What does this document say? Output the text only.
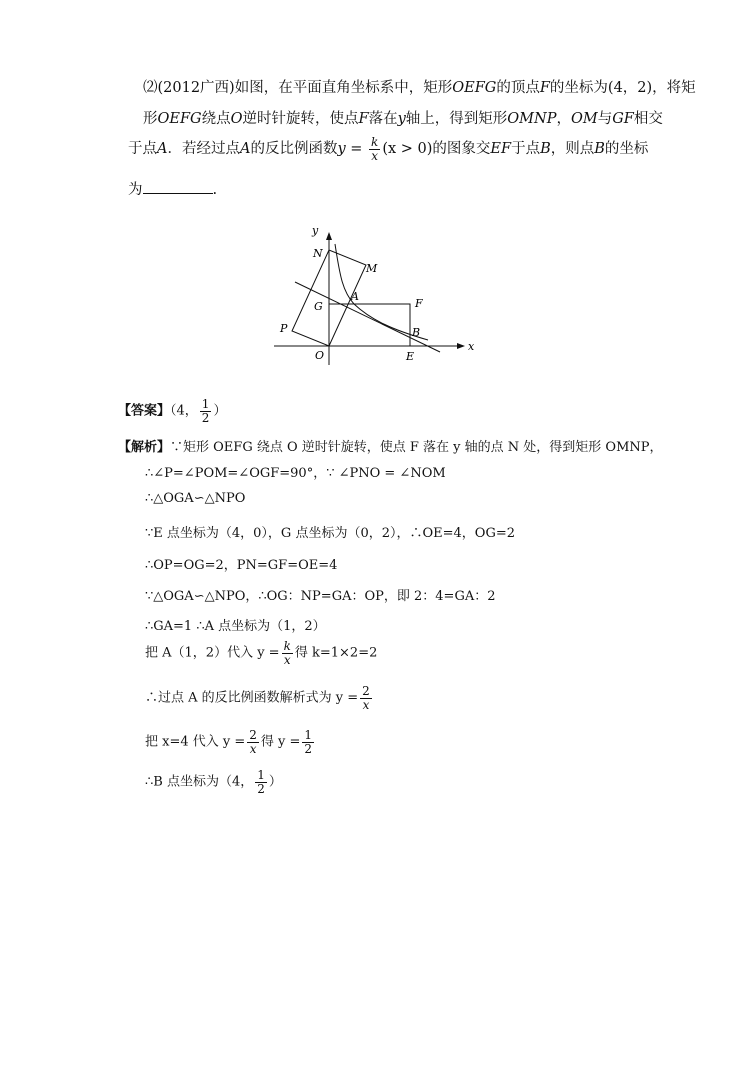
⑵(2012广西)如图，在平面直角坐标系中，矩形OEFG的顶点F的坐标为(4，2)，将矩
形OEFG绕点O逆时针旋转，使点F落在y轴上，得到矩形OMNP，OM与GF相交
于点A．若经过点A的反比例函数$y = \frac{k}{x} (x > 0)$的图象交EF于点B，则点B的坐标
为	.
y
x
N
M
G
A
F
P	B
O	E
【答案】（4， $\frac{1}{2}$ ）
【解析】∵矩形 OEFG 绕点 O 逆时针旋转，使点 F 落在 y 轴的点 N 处，得到矩形 OMNP，
∴∠P=∠POM=∠OGF=90°，∵ ∠PNO = ∠NOM
∴△OGA∽△NPO
∵E 点坐标为（4，0），G 点坐标为（0，2），∴OE=4，OG=2
∴OP=OG=2，PN=GF=OE=4
∵△OGA∽△NPO，∴OG：NP=GA：OP，即 2：4=GA：2
∴GA=1 ∴A 点坐标为（1，2）
把 A（1，2）代入 $y = \frac{k}{x}$ 得 k=1×2=2
∴过点 A 的反比例函数解析式为 $y = \frac{2}{x}$
把 x=4 代入 $y = \frac{2}{x}$ 得 $y = \frac{1}{2}$
∴B 点坐标为（4， $\frac{1}{2}$ ）
